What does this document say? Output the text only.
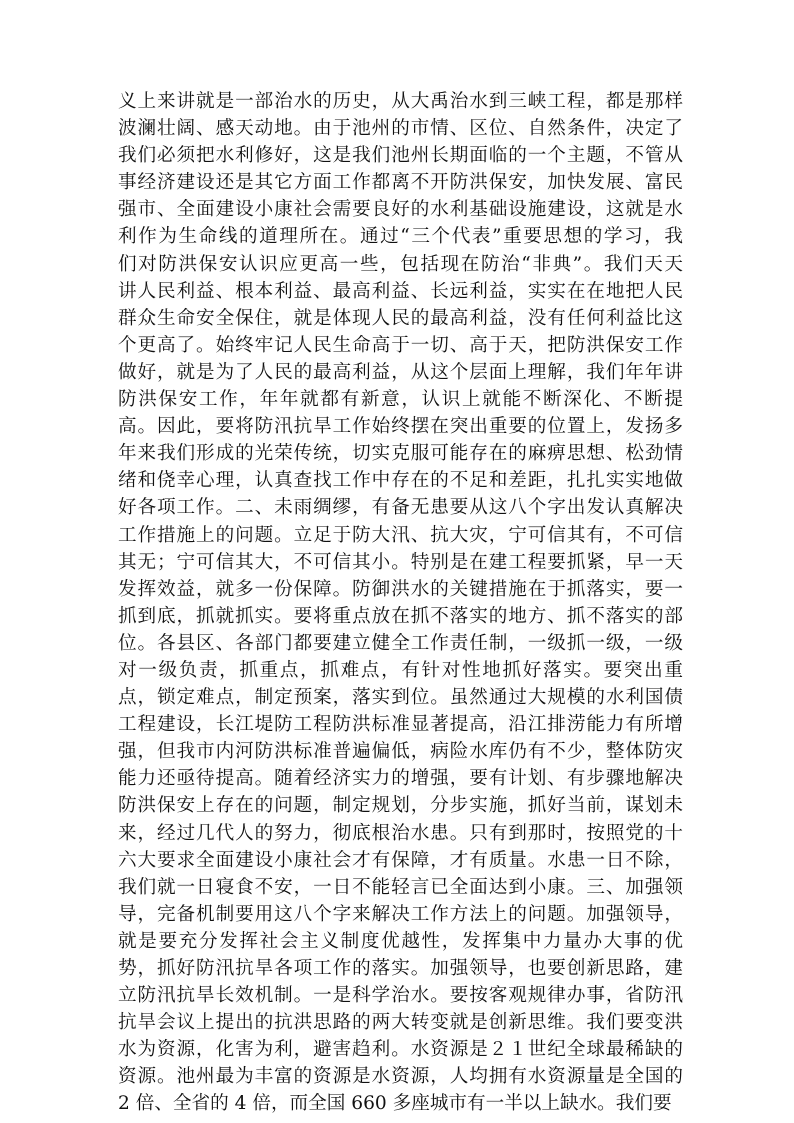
义上来讲就是一部治水的历史，从大禹治水到三峡工程，都是那样
波澜壮阔、感天动地。由于池州的市情、区位、自然条件，决定了
我们必须把水利修好，这是我们池州长期面临的一个主题，不管从
事经济建设还是其它方面工作都离不开防洪保安，加快发展、富民
强市、全面建设小康社会需要良好的水利基础设施建设，这就是水
利作为生命线的道理所在。通过“三个代表”重要思想的学习，我
们对防洪保安认识应更高一些，包括现在防治“非典”。我们天天
讲人民利益、根本利益、最高利益、长远利益，实实在在地把人民
群众生命安全保住，就是体现人民的最高利益，没有任何利益比这
个更高了。始终牢记人民生命高于一切、高于天，把防洪保安工作
做好，就是为了人民的最高利益，从这个层面上理解，我们年年讲
防洪保安工作，年年就都有新意，认识上就能不断深化、不断提
高。因此，要将防汛抗旱工作始终摆在突出重要的位置上，发扬多
年来我们形成的光荣传统，切实克服可能存在的麻痹思想、松劲情
绪和侥幸心理，认真查找工作中存在的不足和差距，扎扎实实地做
好各项工作。二、未雨绸缪，有备无患要从这八个字出发认真解决
工作措施上的问题。立足于防大汛、抗大灾，宁可信其有，不可信
其无；宁可信其大，不可信其小。特别是在建工程要抓紧，早一天
发挥效益，就多一份保障。防御洪水的关键措施在于抓落实，要一
抓到底，抓就抓实。要将重点放在抓不落实的地方、抓不落实的部
位。各县区、各部门都要建立健全工作责任制，一级抓一级，一级
对一级负责，抓重点，抓难点，有针对性地抓好落实。要突出重
点，锁定难点，制定预案，落实到位。虽然通过大规模的水利国债
工程建设，长江堤防工程防洪标准显著提高，沿江排涝能力有所增
强，但我市内河防洪标准普遍偏低，病险水库仍有不少，整体防灾
能力还亟待提高。随着经济实力的增强，要有计划、有步骤地解决
防洪保安上存在的问题，制定规划，分步实施，抓好当前，谋划未
来，经过几代人的努力，彻底根治水患。只有到那时，按照党的十
六大要求全面建设小康社会才有保障，才有质量。水患一日不除，
我们就一日寝食不安，一日不能轻言已全面达到小康。三、加强领
导，完备机制要用这八个字来解决工作方法上的问题。加强领导，
就是要充分发挥社会主义制度优越性，发挥集中力量办大事的优
势，抓好防汛抗旱各项工作的落实。加强领导，也要创新思路，建
立防汛抗旱长效机制。一是科学治水。要按客观规律办事，省防汛
抗旱会议上提出的抗洪思路的两大转变就是创新思维。我们要变洪
水为资源，化害为利，避害趋利。水资源是２１世纪全球最稀缺的
资源。池州最为丰富的资源是水资源，人均拥有水资源量是全国的
2 倍、全省的 4 倍，而全国 660 多座城市有一半以上缺水。我们要
